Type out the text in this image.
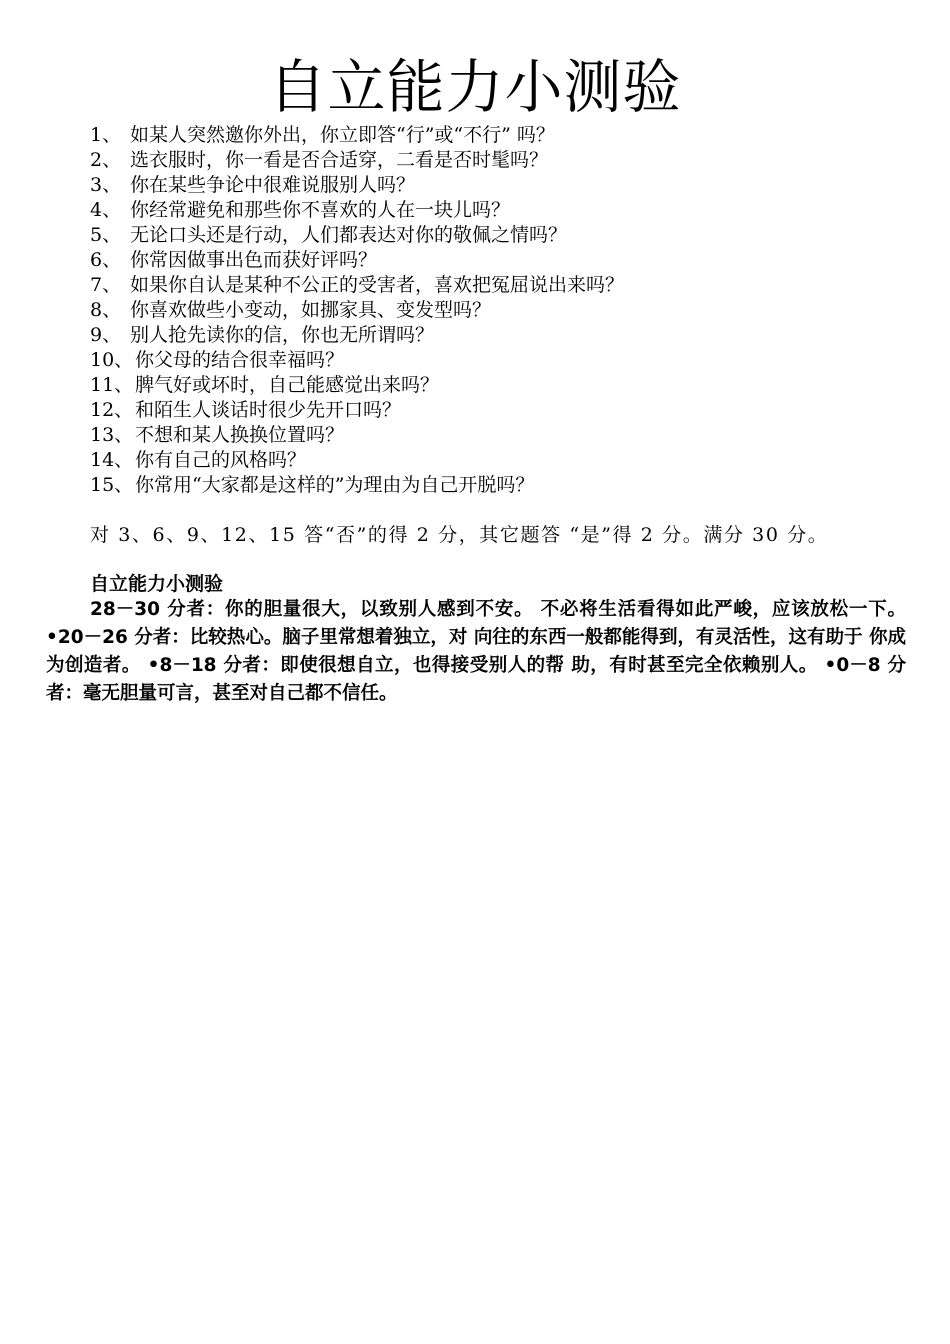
自立能力小测验
1、 如某人突然邀你外出，你立即答“行”或“不行” 吗？
2、 选衣服时，你一看是否合适穿，二看是否时髦吗？
3、 你在某些争论中很难说服别人吗？
4、 你经常避免和那些你不喜欢的人在一块儿吗？
5、 无论口头还是行动，人们都表达对你的敬佩之情吗？
6、 你常因做事出色而获好评吗？
7、 如果你自认是某种不公正的受害者，喜欢把冤屈说出来吗？
8、 你喜欢做些小变动，如挪家具、变发型吗？
9、 别人抢先读你的信，你也无所谓吗？
10、你父母的结合很幸福吗？
11、脾气好或坏时，自己能感觉出来吗？
12、和陌生人谈话时很少先开口吗？
13、不想和某人换换位置吗？
14、你有自己的风格吗？
15、你常用“大家都是这样的”为理由为自己开脱吗？

对 3、6、9、12、15 答“否”的得 2 分，其它题答 “是”得 2 分。满分 30 分。

自立能力小测验

28－30 分者：你的胆量很大，以致别人感到不安。 不必将生活看得如此严峻，应该放松一下。 •20－26 分者：比较热心。脑子里常想着独立，对 向往的东西一般都能得到，有灵活性，这有助于 你成为创造者。 •8－18 分者：即使很想自立，也得接受别人的帮 助，有时甚至完全依赖别人。 •0－8 分者：毫无胆量可言，甚至对自己都不信任。
